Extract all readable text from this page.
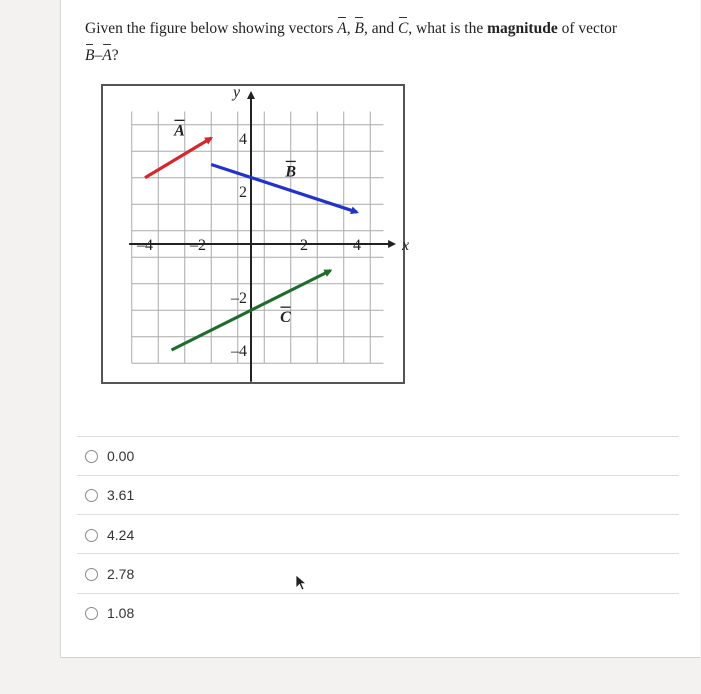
Given the figure below showing vectors A, B, and C, what is the magnitude of vector
B–A?
x
y
–4 –2	2	4
4
2
–2
–4
A
B
C
0.00
3.61
4.24
2.78
1.08
